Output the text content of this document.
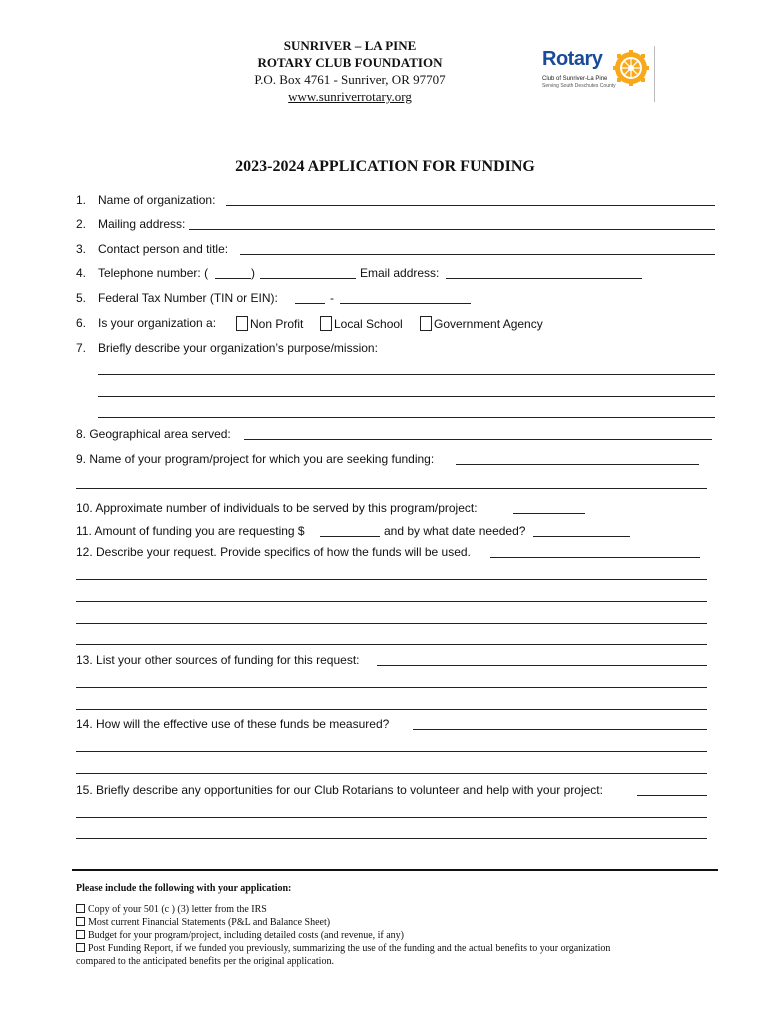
SUNRIVER – LA PINE
ROTARY CLUB FOUNDATION
P.O. Box 4761 - Sunriver, OR 97707
www.sunriverrotary.org
Rotary
Club of Sunriver-La Pine
Serving South Deschutes County
2023-2024 APPLICATION FOR FUNDING
1. Name of organization:
2. Mailing address:
3. Contact person and title:
4. Telephone number: (	)	Email address:
5. Federal Tax Number (TIN or EIN):	-
6. Is your organization a:	Non Profit	Local School	Government Agency
7. Briefly describe your organization’s purpose/mission:
8. Geographical area served:
9. Name of your program/project for which you are seeking funding:
10. Approximate number of individuals to be served by this program/project:
11. Amount of funding you are requesting $	and by what date needed?
12. Describe your request. Provide specifics of how the funds will be used.
13. List your other sources of funding for this request:
14. How will the effective use of these funds be measured?
15. Briefly describe any opportunities for our Club Rotarians to volunteer and help with your project:
Please include the following with your application:
Copy of your 501 (c ) (3) letter from the IRS
Most current Financial Statements (P&L and Balance Sheet)
Budget for your program/project, including detailed costs (and revenue, if any)
Post Funding Report, if we funded you previously, summarizing the use of the funding and the actual benefits to your organization
compared to the anticipated benefits per the original application.
